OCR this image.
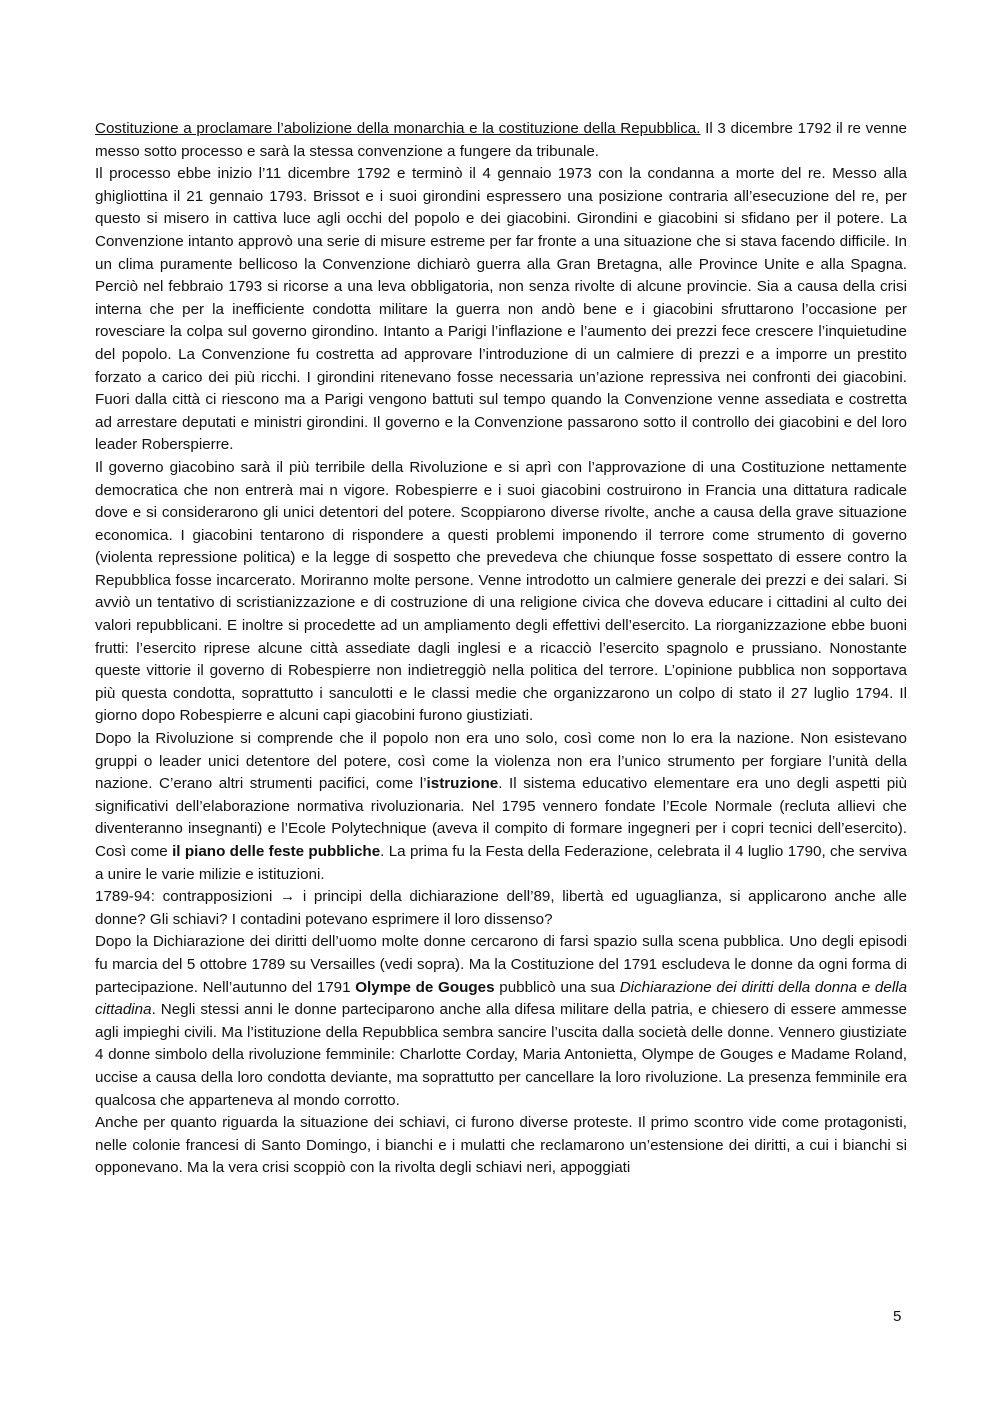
Costituzione a proclamare l’abolizione della monarchia e la costituzione della Repubblica. Il 3 dicembre 1792 il re venne messo sotto processo e sarà la stessa convenzione a fungere da tribunale.

Il processo ebbe inizio l’11 dicembre 1792 e terminò il 4 gennaio 1973 con la condanna a morte del re. Messo alla ghigliottina il 21 gennaio 1793. Brissot e i suoi girondini espressero una posizione contraria all’esecuzione del re, per questo si misero in cattiva luce agli occhi del popolo e dei giacobini. Girondini e giacobini si sfidano per il potere. La Convenzione intanto approvò una serie di misure estreme per far fronte a una situazione che si stava facendo difficile. In un clima puramente bellicoso la Convenzione dichiarò guerra alla Gran Bretagna, alle Province Unite e alla Spagna. Perciò nel febbraio 1793 si ricorse a una leva obbligatoria, non senza rivolte di alcune provincie. Sia a causa della crisi interna che per la inefficiente condotta militare la guerra non andò bene e i giacobini sfruttarono l’occasione per rovesciare la colpa sul governo girondino. Intanto a Parigi l’inflazione e l’aumento dei prezzi fece crescere l’inquietudine del popolo. La Convenzione fu costretta ad approvare l’introduzione di un calmiere di prezzi e a imporre un prestito forzato a carico dei più ricchi. I girondini ritenevano fosse necessaria un’azione repressiva nei confronti dei giacobini. Fuori dalla città ci riescono ma a Parigi vengono battuti sul tempo quando la Convenzione venne assediata e costretta ad arrestare deputati e ministri girondini. Il governo e la Convenzione passarono sotto il controllo dei giacobini e del loro leader Roberspierre.

Il governo giacobino sarà il più terribile della Rivoluzione e si aprì con l’approvazione di una Costituzione nettamente democratica che non entrerà mai n vigore. Robespierre e i suoi giacobini costruirono in Francia una dittatura radicale dove e si considerarono gli unici detentori del potere. Scoppiarono diverse rivolte, anche a causa della grave situazione economica. I giacobini tentarono di rispondere a questi problemi imponendo il terrore come strumento di governo (violenta repressione politica) e la legge di sospetto che prevedeva che chiunque fosse sospettato di essere contro la Repubblica fosse incarcerato. Moriranno molte persone. Venne introdotto un calmiere generale dei prezzi e dei salari. Si avviò un tentativo di scristianizzazione e di costruzione di una religione civica che doveva educare i cittadini al culto dei valori repubblicani. E inoltre si procedette ad un ampliamento degli effettivi dell’esercito. La riorganizzazione ebbe buoni frutti: l’esercito riprese alcune città assediate dagli inglesi e a ricacciò l’esercito spagnolo e prussiano. Nonostante queste vittorie il governo di Robespierre non indietreggiò nella politica del terrore. L’opinione pubblica non sopportava più questa condotta, soprattutto i sanculotti e le classi medie che organizzarono un colpo di stato il 27 luglio 1794. Il giorno dopo Robespierre e alcuni capi giacobini furono giustiziati.

Dopo la Rivoluzione si comprende che il popolo non era uno solo, così come non lo era la nazione. Non esistevano gruppi o leader unici detentore del potere, così come la violenza non era l’unico strumento per forgiare l’unità della nazione. C’erano altri strumenti pacifici, come l’istruzione. Il sistema educativo elementare era uno degli aspetti più significativi dell’elaborazione normativa rivoluzionaria. Nel 1795 vennero fondate l’Ecole Normale (recluta allievi che diventeranno insegnanti) e l’Ecole Polytechnique (aveva il compito di formare ingegneri per i copri tecnici dell’esercito). Così come il piano delle feste pubbliche. La prima fu la Festa della Federazione, celebrata il 4 luglio 1790, che serviva a unire le varie milizie e istituzioni.

1789-94: contrapposizioni → i principi della dichiarazione dell’89, libertà ed uguaglianza, si applicarono anche alle donne? Gli schiavi? I contadini potevano esprimere il loro dissenso?

Dopo la Dichiarazione dei diritti dell’uomo molte donne cercarono di farsi spazio sulla scena pubblica. Uno degli episodi fu marcia del 5 ottobre 1789 su Versailles (vedi sopra). Ma la Costituzione del 1791 escludeva le donne da ogni forma di partecipazione. Nell’autunno del 1791 Olympe de Gouges pubblicò una sua Dichiarazione dei diritti della donna e della cittadina. Negli stessi anni le donne parteciparono anche alla difesa militare della patria, e chiesero di essere ammesse agli impieghi civili. Ma l’istituzione della Repubblica sembra sancire l’uscita dalla società delle donne. Vennero giustiziate 4 donne simbolo della rivoluzione femminile: Charlotte Corday, Maria Antonietta, Olympe de Gouges e Madame Roland, uccise a causa della loro condotta deviante, ma soprattutto per cancellare la loro rivoluzione. La presenza femminile era qualcosa che apparteneva al mondo corrotto.

Anche per quanto riguarda la situazione dei schiavi, ci furono diverse proteste. Il primo scontro vide come protagonisti, nelle colonie francesi di Santo Domingo, i bianchi e i mulatti che reclamarono un’estensione dei diritti, a cui i bianchi si opponevano. Ma la vera crisi scoppiò con la rivolta degli schiavi neri, appoggiati

5
